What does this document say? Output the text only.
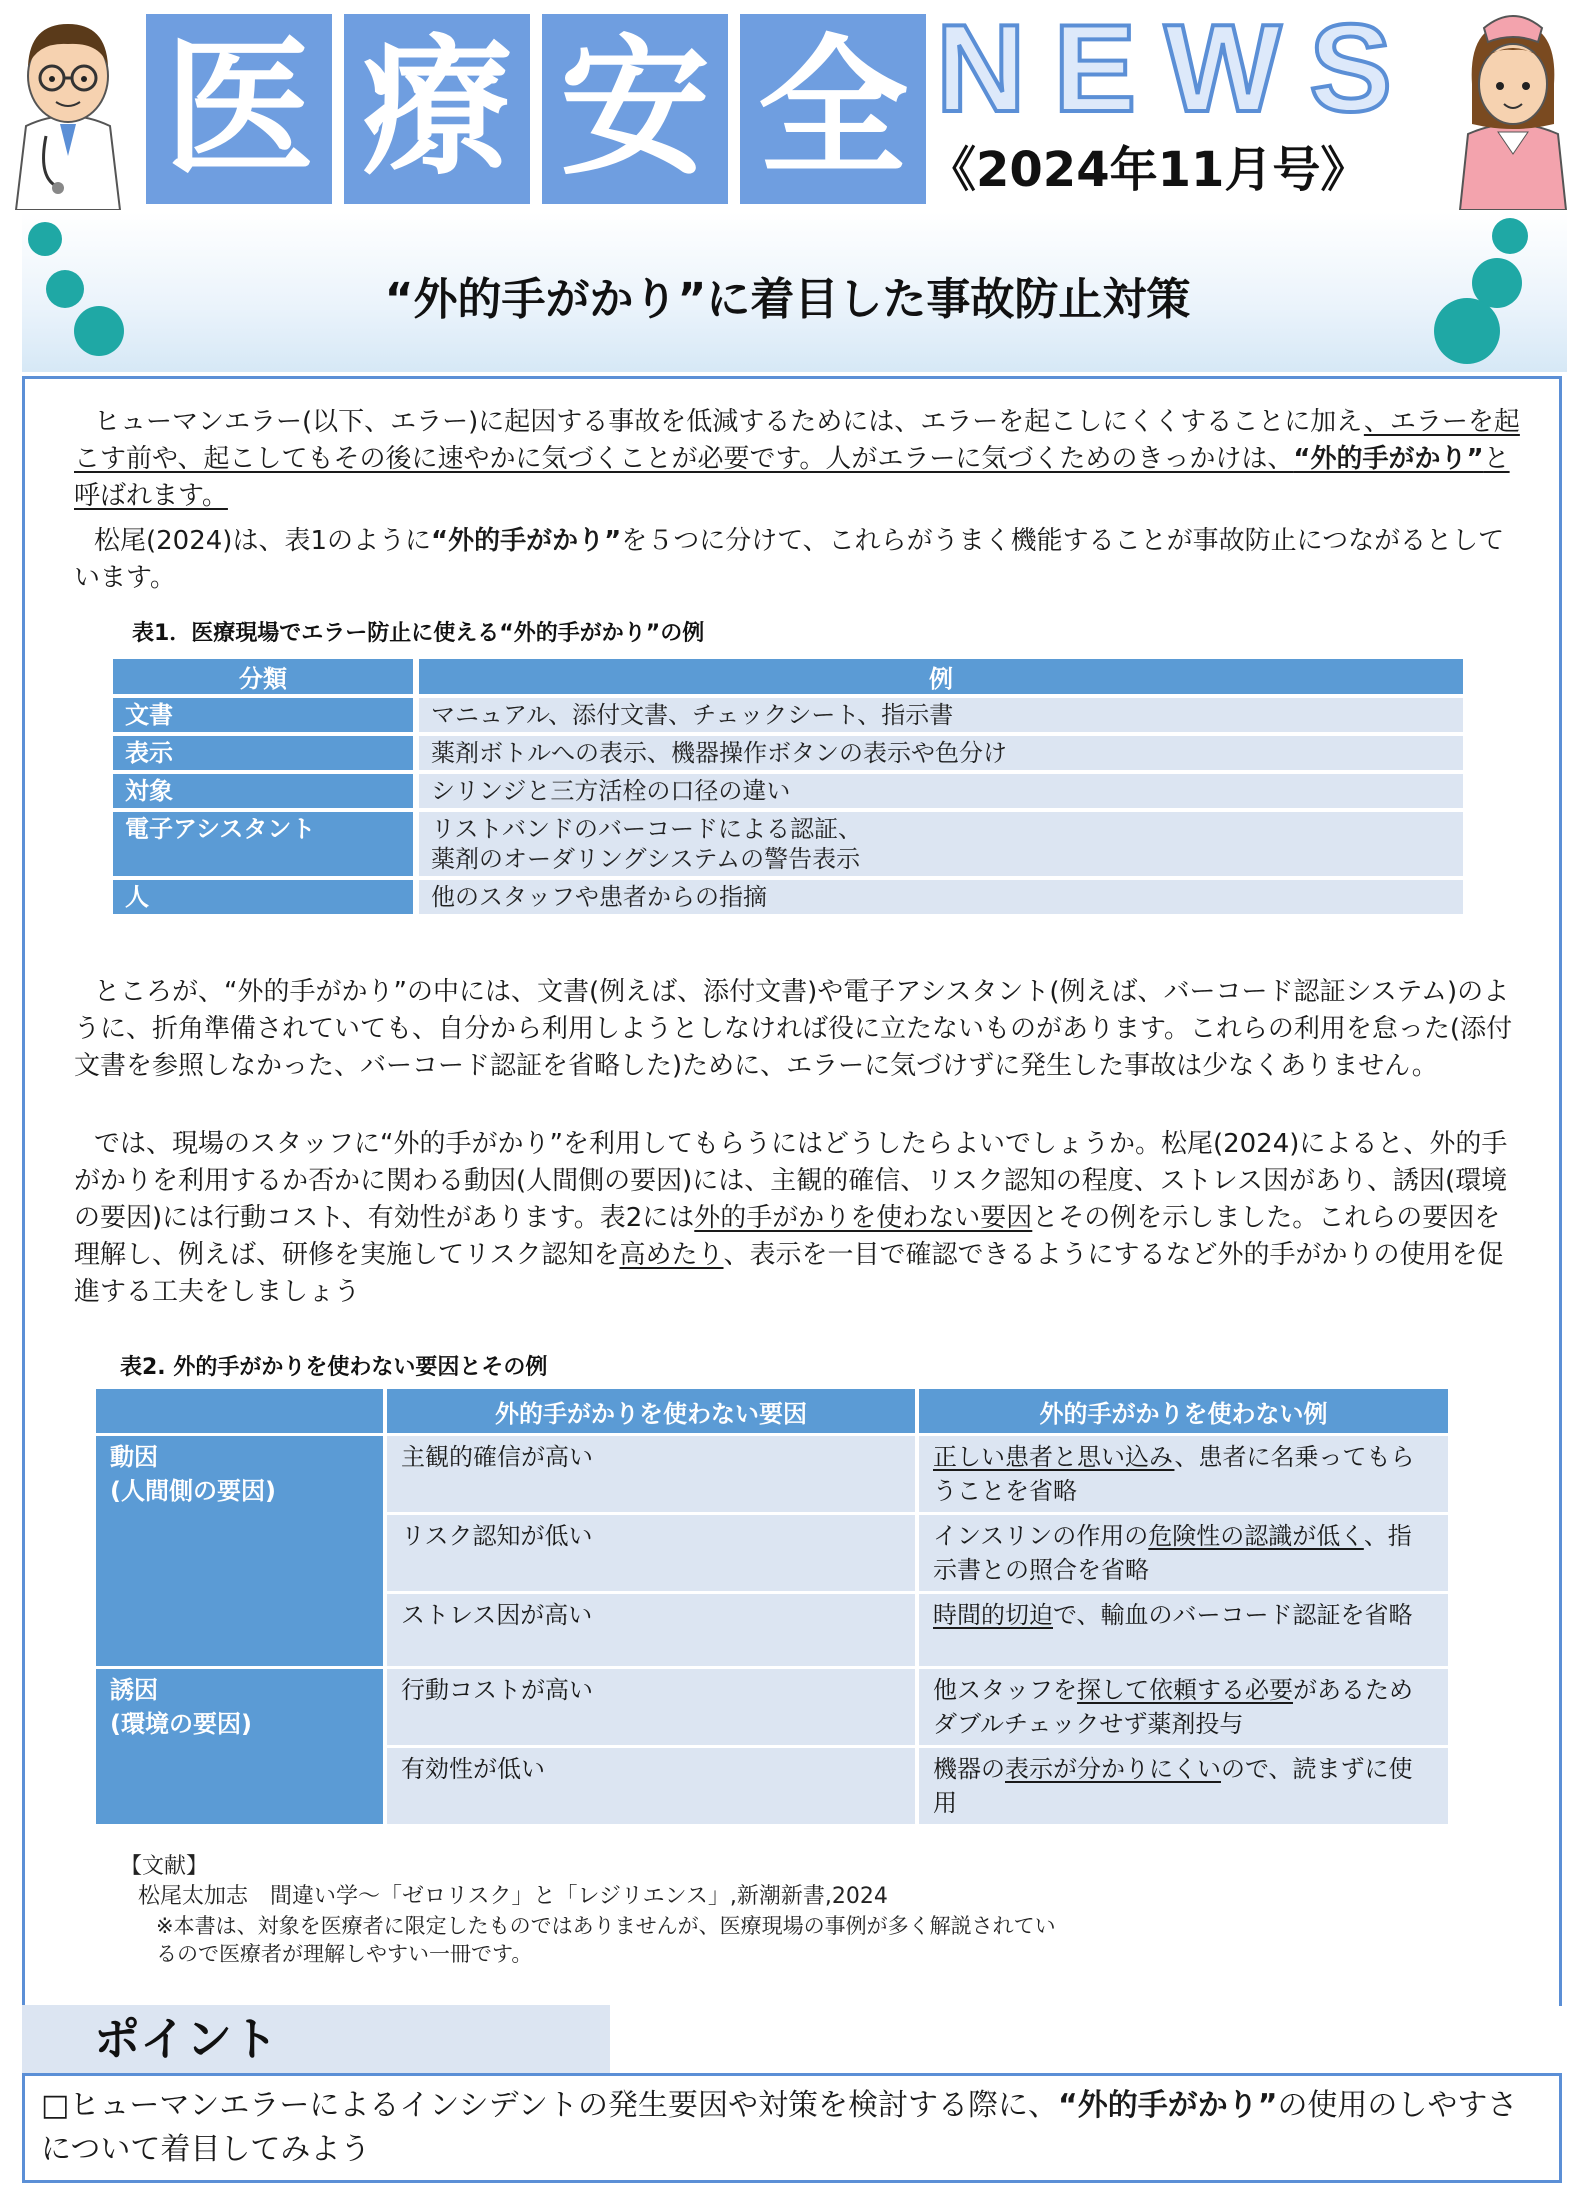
医 療 安 全 NEWS
《2024年11月号》
“外的手がかり”に着目した事故防止対策

ヒューマンエラー(以下、エラー)に起因する事故を低減するためには、エラーを起こしにくくすることに加え、エラーを起こす前や、起こしてもその後に速やかに気づくことが必要です。人がエラーに気づくためのきっかけは、“外的手がかり”と呼ばれます。

松尾(2024)は、表1のように“外的手がかり”を５つに分けて、これらがうまく機能することが事故防止につながるとしています。

表1．医療現場でエラー防止に使える“外的手がかり”の例
分類	例
文書	マニュアル、添付文書、チェックシート、指示書
表示	薬剤ボトルへの表示、機器操作ボタンの表示や色分け
対象	シリンジと三方活栓の口径の違い
電子アシスタント	リストバンドのバーコードによる認証、
薬剤のオーダリングシステムの警告表示

人	他のスタッフや患者からの指摘

ところが、“外的手がかり”の中には、文書(例えば、添付文書)や電子アシスタント(例えば、バーコード認証システム)のように、折角準備されていても、自分から利用しようとしなければ役に立たないものがあります。これらの利用を怠った(添付文書を参照しなかった、バーコード認証を省略した)ために、エラーに気づけずに発生した事故は少なくありません。

では、現場のスタッフに“外的手がかり”を利用してもらうにはどうしたらよいでしょうか。松尾(2024)によると、外的手がかりを利用するか否かに関わる動因(人間側の要因)には、主観的確信、リスク認知の程度、ストレス因があり、誘因(環境の要因)には行動コスト、有効性があります。表2には外的手がかりを使わない要因とその例を示しました。これらの要因を理解し、例えば、研修を実施してリスク認知を高めたり、表示を一目で確認できるようにするなど外的手がかりの使用を促進する工夫をしましょう

表2. 外的手がかりを使わない要因とその例
	外的手がかりを使わない要因	外的手がかりを使わない例

動因
(人間側の要因)	主観的確信が高い	正しい患者と思い込み、患者に名乗ってもらうことを省略
	リスク認知が低い	インスリンの作用の危険性の認識が低く、指示書との照合を省略
	ストレス因が高い	時間的切迫で、輸血のバーコード認証を省略

誘因
(環境の要因)	行動コストが高い	他スタッフを探して依頼する必要があるためダブルチェックせず薬剤投与
	有効性が低い	機器の表示が分かりにくいので、読まずに使用
【文献】
松尾太加志　間違い学～「ゼロリスク」と「レジリエンス」,新潮新書,2024
※本書は、対象を医療者に限定したものではありませんが、医療現場の事例が多く解説されてい
るので医療者が理解しやすい一冊です。
ポイント
□ヒューマンエラーによるインシデントの発生要因や対策を検討する際に、“外的手がかり”の使用のしやすさについて着目してみよう
